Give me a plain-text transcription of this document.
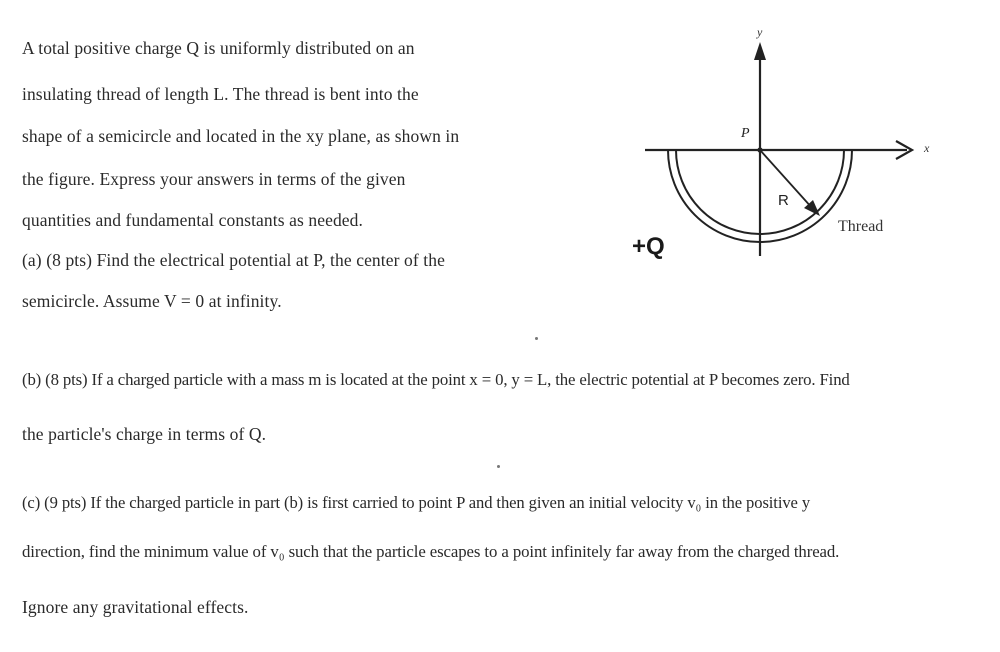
A total positive charge Q is uniformly distributed on an
insulating thread of length L. The thread is bent into the
shape of a semicircle and located in the xy plane, as shown in
the figure. Express your answers in terms of the given
quantities and fundamental constants as needed.
(a) (8 pts) Find the electrical potential at P, the center of the
semicircle. Assume V = 0 at infinity.
(b) (8 pts) If a charged particle with a mass m is located at the point x = 0, y = L, the electric potential at P becomes zero. Find
the particle's charge in terms of Q.
(c) (9 pts) If the charged particle in part (b) is first carried to point P and then given an initial velocity v₀ in the positive y
direction, find the minimum value of v₀ such that the particle escapes to a point infinitely far away from the charged thread.
Ignore any gravitational effects.
y
x
P
R
Thread
+Q
